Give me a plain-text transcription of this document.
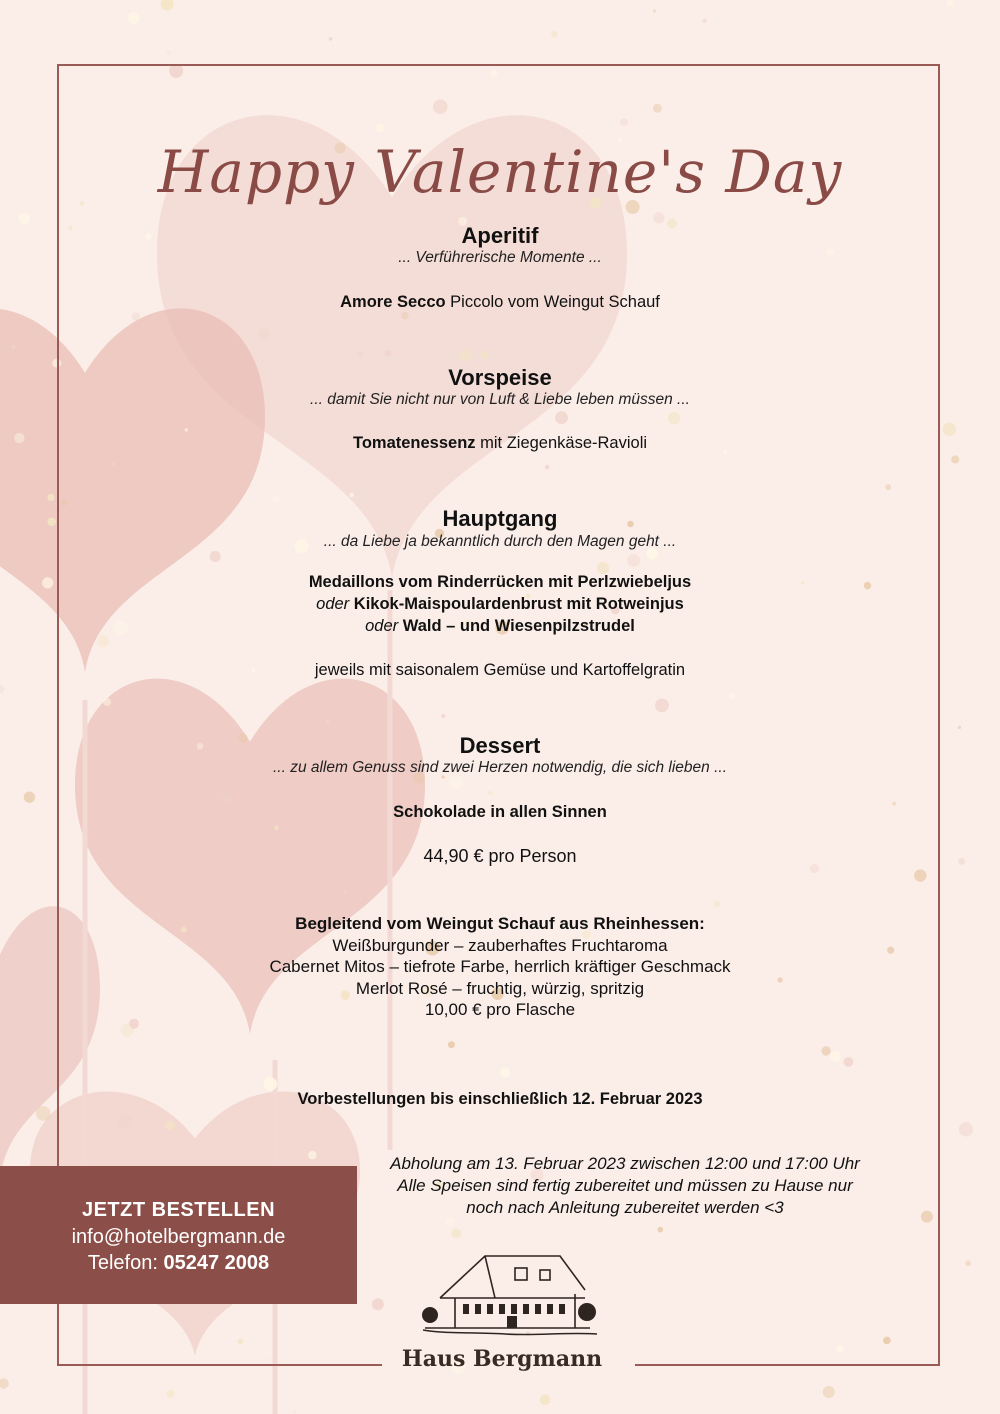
Happy Valentine's Day
Aperitif
... Verführerische Momente ...
Amore Secco Piccolo vom Weingut Schauf
Vorspeise
... damit Sie nicht nur von Luft & Liebe leben müssen ...
Tomatenessenz mit Ziegenkäse-Ravioli
Hauptgang
... da Liebe ja bekanntlich durch den Magen geht ...
Medaillons vom Rinderrücken mit Perlzwiebeljus
oder Kikok-Maispoulardenbrust mit Rotweinjus
oder Wald – und Wiesenpilzstrudel
jeweils mit saisonalem Gemüse und Kartoffelgratin
Dessert
... zu allem Genuss sind zwei Herzen notwendig, die sich lieben ...
Schokolade in allen Sinnen
44,90 € pro Person
Begleitend vom Weingut Schauf aus Rheinhessen:
Weißburgunder – zauberhaftes Fruchtaroma
Cabernet Mitos – tiefrote Farbe, herrlich kräftiger Geschmack
Merlot Rosé – fruchtig, würzig, spritzig
10,00 € pro Flasche
Vorbestellungen bis einschließlich 12. Februar 2023
Abholung am 13. Februar 2023 zwischen 12:00 und 17:00 Uhr
Alle Speisen sind fertig zubereitet und müssen zu Hause nur
noch nach Anleitung zubereitet werden <3
JETZT BESTELLEN
info@hotelbergmann.de
Telefon: 05247 2008
Haus Bergmann
